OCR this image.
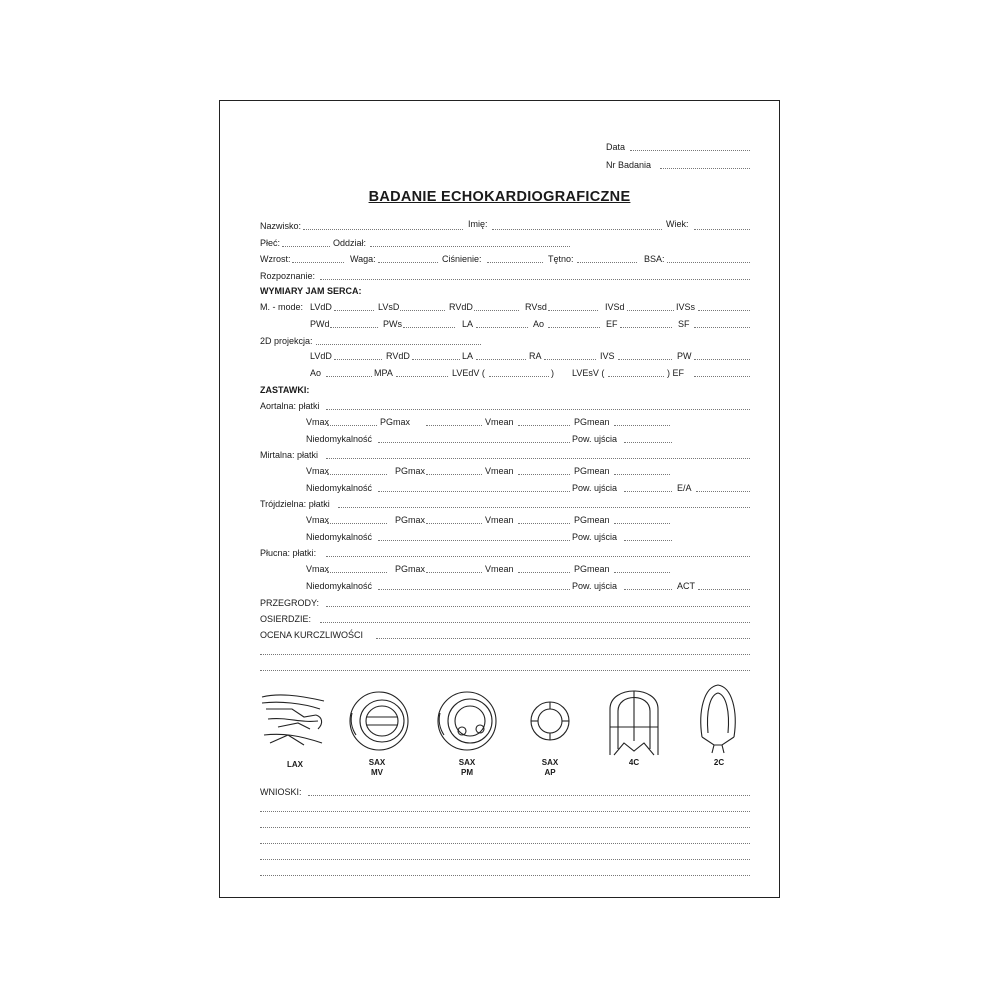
Data
Nr Badania
BADANIE ECHOKARDIOGRAFICZNE
Nazwisko:	Imię:	Wiek:
Płeć:	Oddział:
Wzrost:	Waga:	Ciśnienie:	Tętno:	BSA:
Rozpoznanie:
WYMIARY JAM SERCA:
M. - mode: LVdD	LVsD	RVdD	RVsd	IVSd	IVSs
PWd	PWs	LA	Ao	EF	SF
2D projekcja:
LVdD	RVdD	LA	RA	IVS	PW
Ao	MPA	LVEdV (	) LVEsV (	) EF
ZASTAWKI:
Aortalna: płatki
Vmax	PGmax	Vmean	PGmean
Niedomykalność	Pow. ujścia
Mirtalna: płatki
Vmax	PGmax	Vmean	PGmean
Niedomykalność	Pow. ujścia	E/A
Trójdzielna: płatki
Vmax	PGmax	Vmean	PGmean
Niedomykalność	Pow. ujścia
Płucna: płatki:
Vmax	PGmax	Vmean	PGmean
Niedomykalność	Pow. ujścia	ACT
PRZEGRODY:
OSIERDZIE:
OCENA KURCZLIWOŚCI
LAX	SAX
MV
SAX
PM
SAX
AP
4C	2C
WNIOSKI:
